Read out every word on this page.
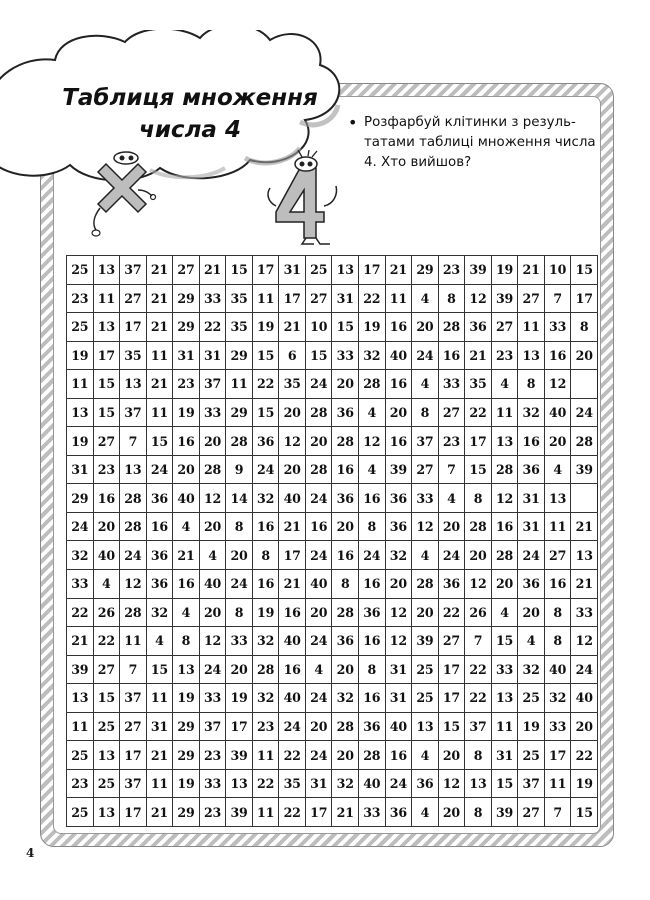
Таблиця множення
числа 4	• Розфарбуй клітинки з резуль-татами таблиці множення числа 4. Хто вийшов?
25	13	37	21	27	21	15	17	31	25	13	17	21	29	23	39	19	21	10	15
23	11	27	21	29	33	35	11	17	27	31	22	11	4	8	12	39	27	7	17
25	13	17	21	29	22	35	19	21	10	15	19	16	20	28	36	27	11	33	8
19	17	35	11	31	31	29	15	6	15	33	32	40	24	16	21	23	13	16	20
11	15	13	21	23	37	11	22	35	24	20	28	16	4	33	35	4	8	12	
13	15	37	11	19	33	29	15	20	28	36	4	20	8	27	22	11	32	40	24
19	27	7	15	16	20	28	36	12	20	28	12	16	37	23	17	13	16	20	28
31	23	13	24	20	28	9	24	20	28	16	4	39	27	7	15	28	36	4	39
29	16	28	36	40	12	14	32	40	24	36	16	36	33	4	8	12	31	13	
24	20	28	16	4	20	8	16	21	16	20	8	36	12	20	28	16	31	11	21
32	40	24	36	21	4	20	8	17	24	16	24	32	4	24	20	28	24	27	13
33	4	12	36	16	40	24	16	21	40	8	16	20	28	36	12	20	36	16	21
22	26	28	32	4	20	8	19	16	20	28	36	12	20	22	26	4	20	8	33
21	22	11	4	8	12	33	32	40	24	36	16	12	39	27	7	15	4	8	12
39	27	7	15	13	24	20	28	16	4	20	8	31	25	17	22	33	32	40	24
13	15	37	11	19	33	19	32	40	24	32	16	31	25	17	22	13	25	32	40
11	25	27	31	29	37	17	23	24	20	28	36	40	13	15	37	11	19	33	20
25	13	17	21	29	23	39	11	22	24	20	28	16	4	20	8	31	25	17	22
23	25	37	11	19	33	13	22	35	31	32	40	24	36	12	13	15	37	11	19
25	13	17	21	29	23	39	11	22	17	21	33	36	4	20	8	39	27	7	15
4
